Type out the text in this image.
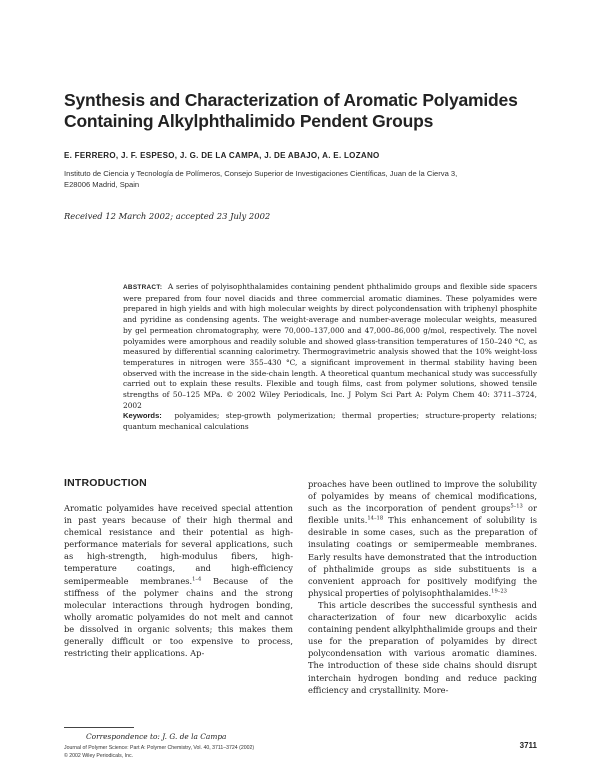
Synthesis and Characterization of Aromatic Polyamides
Containing Alkylphthalimido Pendent Groups
E. FERRERO, J. F. ESPESO, J. G. DE LA CAMPA, J. DE ABAJO, A. E. LOZANO
Instituto de Ciencia y Tecnología de Polímeros, Consejo Superior de Investigaciones Científicas, Juan de la Cierva 3,
E28006 Madrid, Spain
Received 12 March 2002; accepted 23 July 2002
ABSTRACT: A series of polyisophthalamides containing pendent phthalimido groups and flexible side spacers were prepared from four novel diacids and three commercial aromatic diamines. These polyamides were prepared in high yields and with high molecular weights by direct polycondensation with triphenyl phosphite and pyridine as condensing agents. The weight-average and number-average molecular weights, measured by gel permeation chromatography, were 70,000–137,000 and 47,000–86,000 g/mol, respectively. The novel polyamides were amorphous and readily soluble and showed glass-transition temperatures of 150–240 °C, as measured by differential scanning calorimetry. Thermogravimetric analysis showed that the 10% weight-loss temperatures in nitrogen were 355–430 °C, a significant improvement in thermal stability having been observed with the increase in the side-chain length. A theoretical quantum mechanical study was successfully carried out to explain these results. Flexible and tough films, cast from polymer solutions, showed tensile strengths of 50–125 MPa. © 2002 Wiley Periodicals, Inc. J Polym Sci Part A: Polym Chem 40: 3711–3724, 2002
Keywords: polyamides; step-growth polymerization; thermal properties; structure-property relations; quantum mechanical calculations
INTRODUCTION

Aromatic polyamides have received special attention in past years because of their high thermal and chemical resistance and their potential as high-performance materials for several applications, such as high-strength, high-modulus fibers, high-temperature coatings, and high-efficiency semipermeable membranes.$^{1-4}$ Because of the stiffness of the polymer chains and the strong molecular interactions through hydrogen bonding, wholly aromatic polyamides do not melt and cannot be dissolved in organic solvents; this makes them generally difficult or too expensive to process, restricting their applications. Ap-

proaches have been outlined to improve the solubility of polyamides by means of chemical modifications, such as the incorporation of pendent groups$^{5-13}$ or flexible units.$^{14-18}$ This enhancement of solubility is desirable in some cases, such as the preparation of insulating coatings or semipermeable membranes. Early results have demonstrated that the introduction of phthalimide groups as side substituents is a convenient approach for positively modifying the physical properties of polyisophthalamides.$^{19-23}$

This article describes the successful synthesis and characterization of four new dicarboxylic acids containing pendent alkylphthalimide groups and their use for the preparation of polyamides by direct polycondensation with various aromatic diamines. The introduction of these side chains should disrupt interchain hydrogen bonding and reduce packing efficiency and crystallinity. More-

Correspondence to: J. G. de la Campa
Journal of Polymer Science: Part A: Polymer Chemistry, Vol. 40, 3711–3724 (2002)
© 2002 Wiley Periodicals, Inc.
3711
